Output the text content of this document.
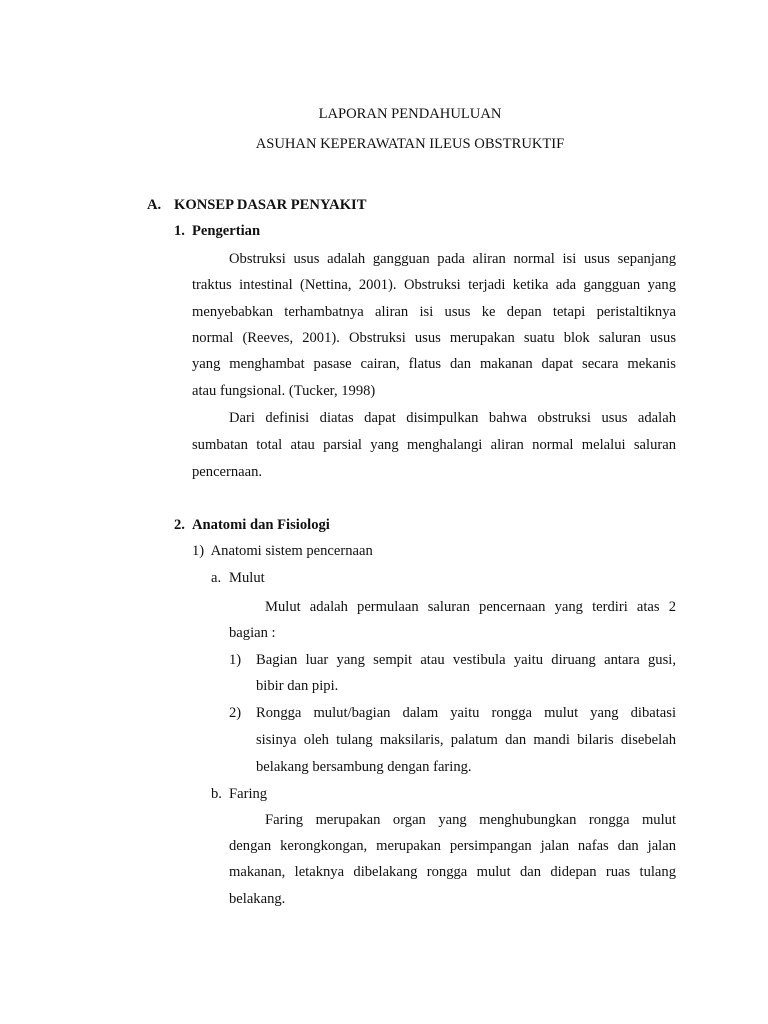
LAPORAN PENDAHULUAN
ASUHAN KEPERAWATAN ILEUS OBSTRUKTIF
A. KONSEP DASAR PENYAKIT
1. Pengertian
Obstruksi usus adalah gangguan pada aliran normal isi usus sepanjang
traktus intestinal (Nettina, 2001). Obstruksi terjadi ketika ada gangguan yang
menyebabkan terhambatnya aliran isi usus ke depan tetapi peristaltiknya
normal (Reeves, 2001). Obstruksi usus merupakan suatu blok saluran usus
yang menghambat pasase cairan, flatus dan makanan dapat secara mekanis
atau fungsional. (Tucker, 1998)
Dari definisi diatas dapat disimpulkan bahwa obstruksi usus adalah
sumbatan total atau parsial yang menghalangi aliran normal melalui saluran
pencernaan.
2. Anatomi dan Fisiologi
1)  Anatomi sistem pencernaan
a. Mulut
Mulut adalah permulaan saluran pencernaan yang terdiri atas 2
bagian :
1) Bagian luar yang sempit atau vestibula yaitu diruang antara gusi,
bibir dan pipi.
2) Rongga mulut/bagian dalam yaitu rongga mulut yang dibatasi
sisinya oleh tulang maksilaris, palatum dan mandi bilaris disebelah
belakang bersambung dengan faring.
b. Faring
Faring merupakan organ yang menghubungkan rongga mulut
dengan kerongkongan, merupakan persimpangan jalan nafas dan jalan
makanan, letaknya dibelakang rongga mulut dan didepan ruas tulang
belakang.
